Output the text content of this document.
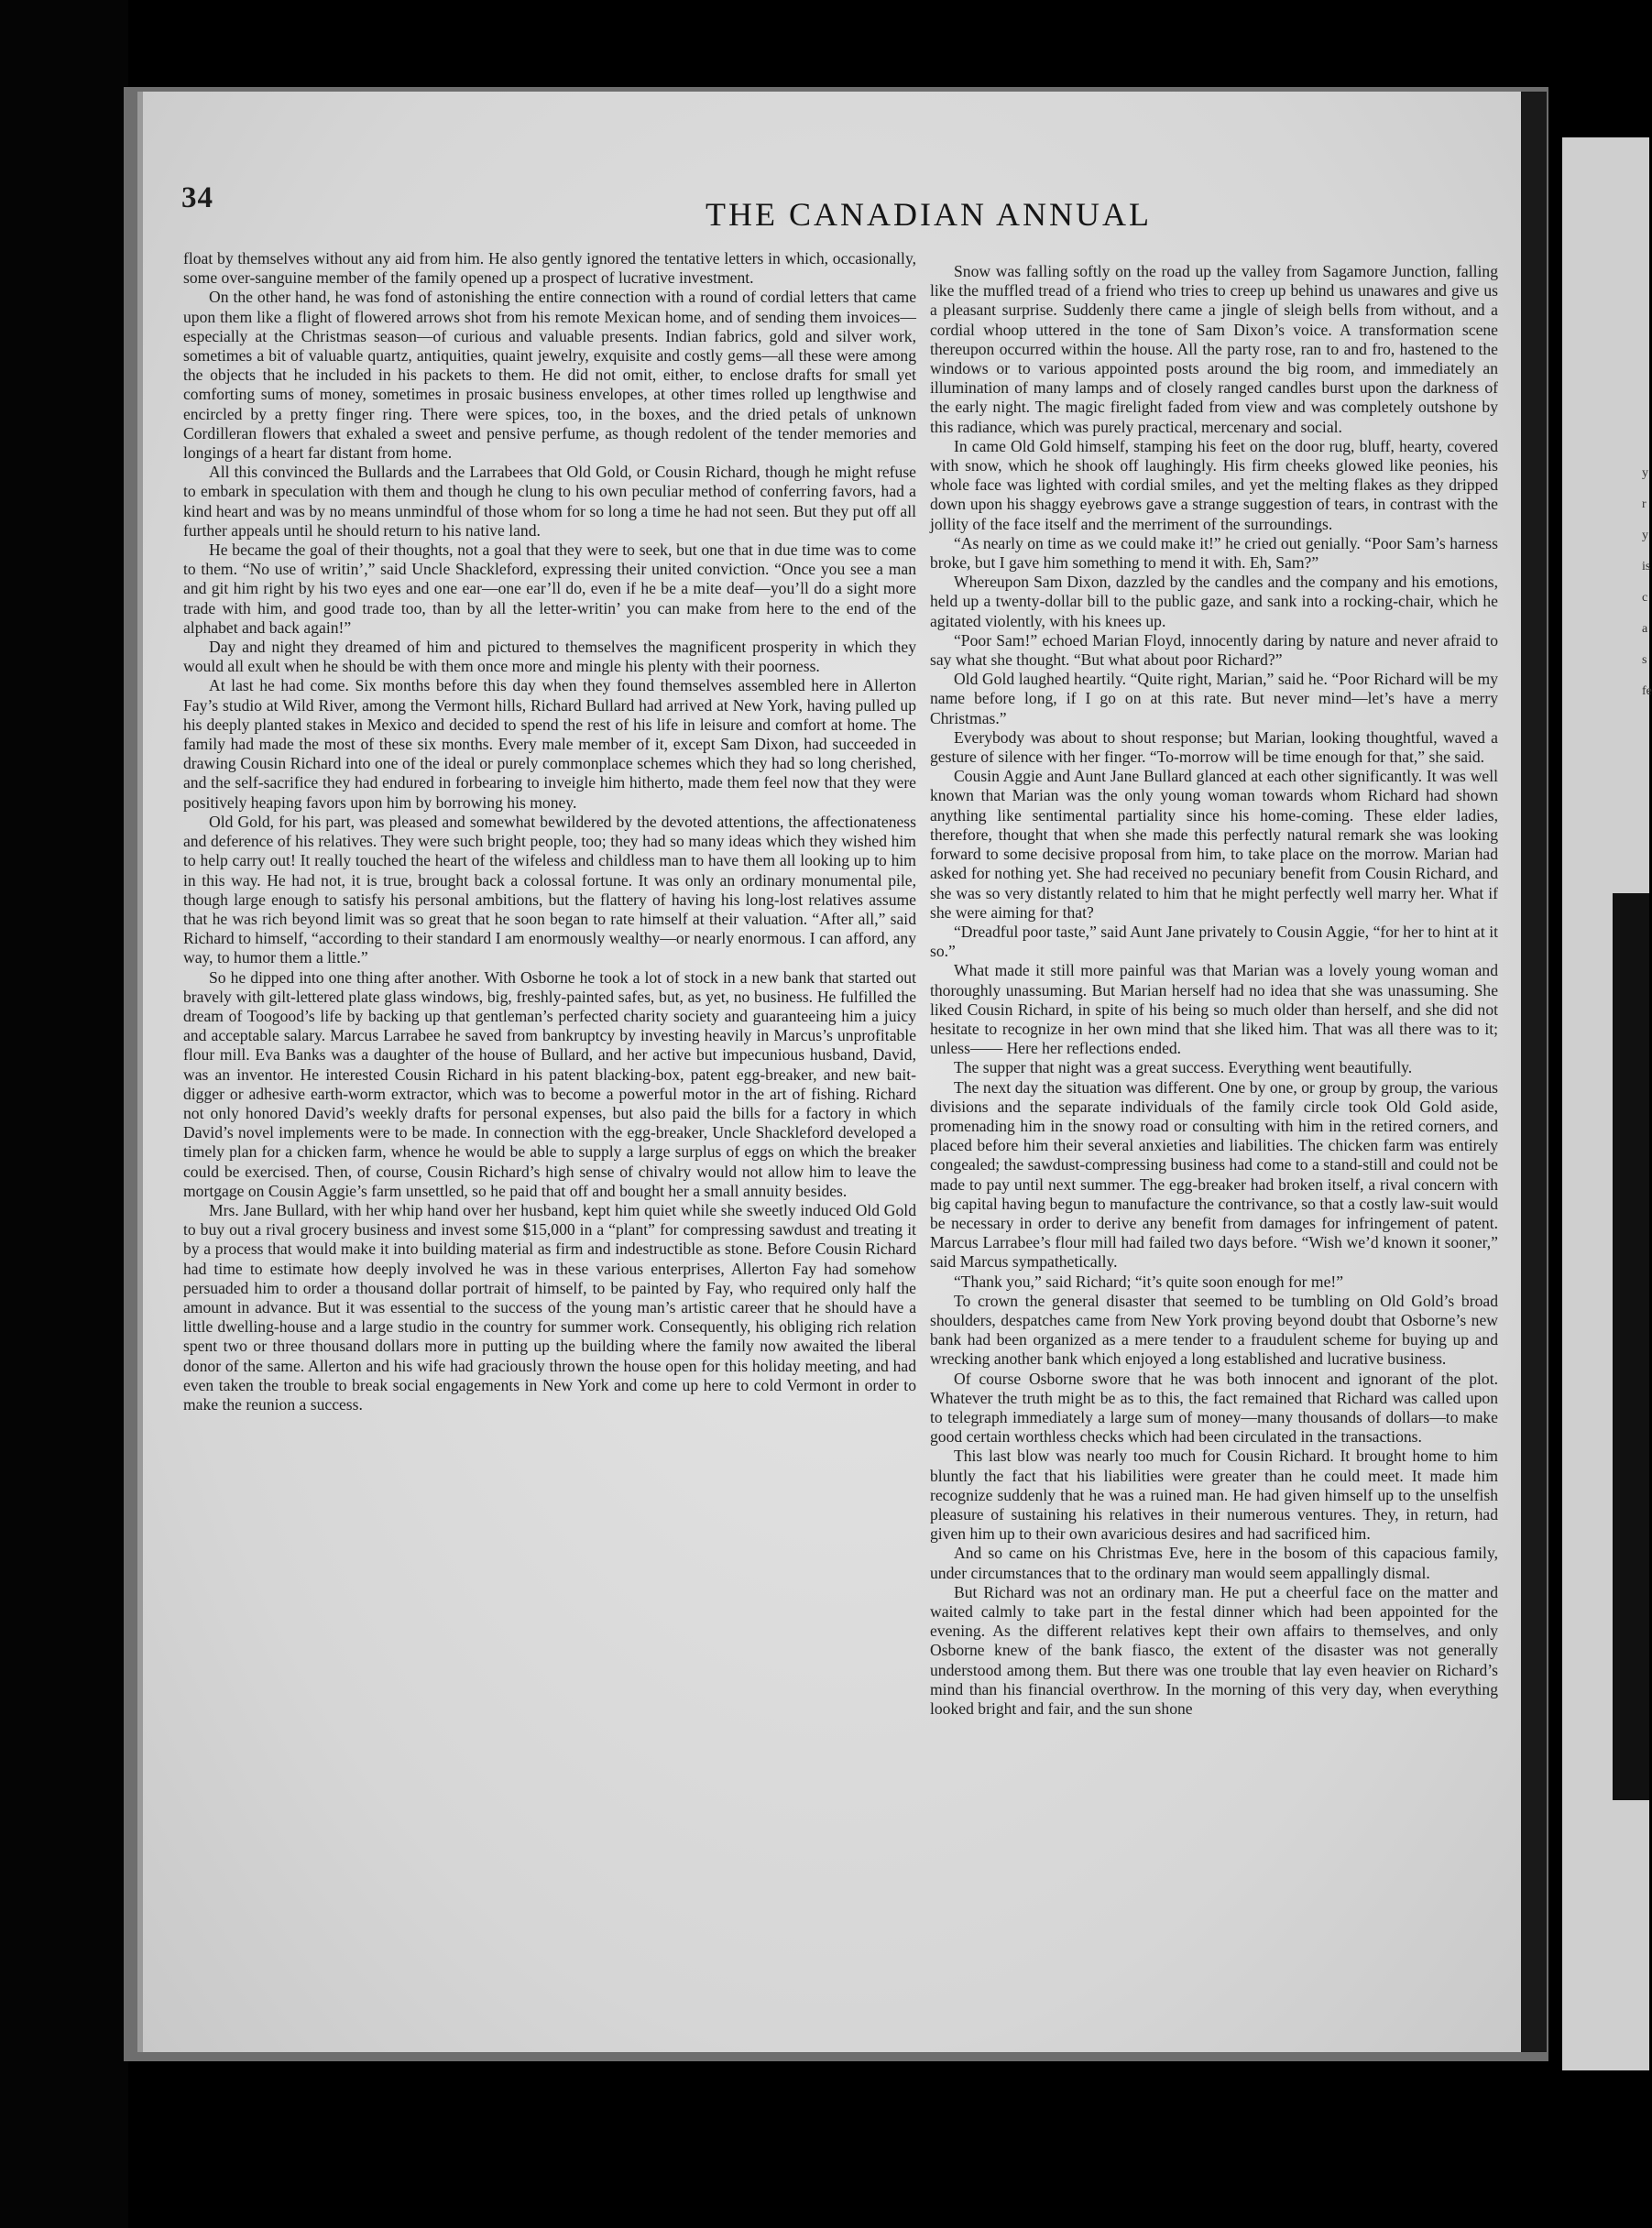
y
r
y
is
c
a
s
fe
34	THE CANADIAN ANNUAL

float by themselves without any aid from him. He also gently ignored the tentative letters in which, occasionally, some over-sanguine member of the family opened up a prospect of lucrative investment.

On the other hand, he was fond of astonishing the entire connection with a round of cordial letters that came upon them like a flight of flowered arrows shot from his remote Mexican home, and of sending them invoices—especially at the Christmas season—of curious and valuable presents. Indian fabrics, gold and silver work, sometimes a bit of valuable quartz, antiquities, quaint jewelry, exquisite and costly gems—all these were among the objects that he included in his packets to them. He did not omit, either, to enclose drafts for small yet comforting sums of money, sometimes in prosaic business envelopes, at other times rolled up lengthwise and encircled by a pretty finger ring. There were spices, too, in the boxes, and the dried petals of unknown Cordilleran flowers that exhaled a sweet and pensive perfume, as though redolent of the tender memories and longings of a heart far distant from home.

All this convinced the Bullards and the Larrabees that Old Gold, or Cousin Richard, though he might refuse to embark in speculation with them and though he clung to his own peculiar method of conferring favors, had a kind heart and was by no means unmindful of those whom for so long a time he had not seen. But they put off all further appeals until he should return to his native land.

He became the goal of their thoughts, not a goal that they were to seek, but one that in due time was to come to them. “No use of writin’,” said Uncle Shackleford, expressing their united conviction. “Once you see a man and git him right by his two eyes and one ear—one ear’ll do, even if he be a mite deaf—you’ll do a sight more trade with him, and good trade too, than by all the letter-writin’ you can make from here to the end of the alphabet and back again!”

Day and night they dreamed of him and pictured to themselves the magnificent prosperity in which they would all exult when he should be with them once more and mingle his plenty with their poorness.

At last he had come. Six months before this day when they found themselves assembled here in Allerton Fay’s studio at Wild River, among the Vermont hills, Richard Bullard had arrived at New York, having pulled up his deeply planted stakes in Mexico and decided to spend the rest of his life in leisure and comfort at home. The family had made the most of these six months. Every male member of it, except Sam Dixon, had succeeded in drawing Cousin Richard into one of the ideal or purely commonplace schemes which they had so long cherished, and the self-sacrifice they had endured in forbearing to inveigle him hitherto, made them feel now that they were positively heaping favors upon him by borrowing his money.

Old Gold, for his part, was pleased and somewhat bewildered by the devoted attentions, the affectionateness and deference of his relatives. They were such bright people, too; they had so many ideas which they wished him to help carry out! It really touched the heart of the wifeless and childless man to have them all looking up to him in this way. He had not, it is true, brought back a colossal fortune. It was only an ordinary monumental pile, though large enough to satisfy his personal ambitions, but the flattery of having his long-lost relatives assume that he was rich beyond limit was so great that he soon began to rate himself at their valuation. “After all,” said Richard to himself, “according to their standard I am enormously wealthy—or nearly enormous. I can afford, any way, to humor them a little.”

So he dipped into one thing after another. With Osborne he took a lot of stock in a new bank that started out bravely with gilt-lettered plate glass windows, big, freshly-painted safes, but, as yet, no business. He fulfilled the dream of Toogood’s life by backing up that gentleman’s perfected charity society and guaranteeing him a juicy and acceptable salary. Marcus Larrabee he saved from bankruptcy by investing heavily in Marcus’s unprofitable flour mill. Eva Banks was a daughter of the house of Bullard, and her active but impecunious husband, David, was an inventor. He interested Cousin Richard in his patent blacking-box, patent egg-breaker, and new bait-digger or adhesive earth-worm extractor, which was to become a powerful motor in the art of fishing. Richard not only honored David’s weekly drafts for personal expenses, but also paid the bills for a factory in which David’s novel implements were to be made. In connection with the egg-breaker, Uncle Shackleford developed a timely plan for a chicken farm, whence he would be able to supply a large surplus of eggs on which the breaker could be exercised. Then, of course, Cousin Richard’s high sense of chivalry would not allow him to leave the mortgage on Cousin Aggie’s farm unsettled, so he paid that off and bought her a small annuity besides.

Mrs. Jane Bullard, with her whip hand over her husband, kept him quiet while she sweetly induced Old Gold to buy out a rival grocery business and invest some $15,000 in a “plant” for compressing sawdust and treating it by a process that would make it into building material as firm and indestructible as stone. Before Cousin Richard had time to estimate how deeply involved he was in these various enterprises, Allerton Fay had somehow persuaded him to order a thousand dollar portrait of himself, to be painted by Fay, who required only half the amount in advance. But it was essential to the success of the young man’s artistic career that he should have a little dwelling-house and a large studio in the country for summer work. Consequently, his obliging rich relation spent two or three thousand dollars more in putting up the building where the family now awaited the liberal donor of the same. Allerton and his wife had graciously thrown the house open for this holiday meeting, and had even taken the trouble to break social engagements in New York and come up here to cold Vermont in order to make the reunion a success.

Snow was falling softly on the road up the valley from Sagamore Junction, falling like the muffled tread of a friend who tries to creep up behind us unawares and give us a pleasant surprise. Suddenly there came a jingle of sleigh bells from without, and a cordial whoop uttered in the tone of Sam Dixon’s voice. A transformation scene thereupon occurred within the house. All the party rose, ran to and fro, hastened to the windows or to various appointed posts around the big room, and immediately an illumination of many lamps and of closely ranged candles burst upon the darkness of the early night. The magic firelight faded from view and was completely outshone by this radiance, which was purely practical, mercenary and social.

In came Old Gold himself, stamping his feet on the door rug, bluff, hearty, covered with snow, which he shook off laughingly. His firm cheeks glowed like peonies, his whole face was lighted with cordial smiles, and yet the melting flakes as they dripped down upon his shaggy eyebrows gave a strange suggestion of tears, in contrast with the jollity of the face itself and the merriment of the surroundings.

“As nearly on time as we could make it!” he cried out genially. “Poor Sam’s harness broke, but I gave him something to mend it with. Eh, Sam?”

Whereupon Sam Dixon, dazzled by the candles and the company and his emotions, held up a twenty-dollar bill to the public gaze, and sank into a rocking-chair, which he agitated violently, with his knees up.

“Poor Sam!” echoed Marian Floyd, innocently daring by nature and never afraid to say what she thought. “But what about poor Richard?”

Old Gold laughed heartily. “Quite right, Marian,” said he. “Poor Richard will be my name before long, if I go on at this rate. But never mind—let’s have a merry Christmas.”

Everybody was about to shout response; but Marian, looking thoughtful, waved a gesture of silence with her finger. “To-morrow will be time enough for that,” she said.

Cousin Aggie and Aunt Jane Bullard glanced at each other significantly. It was well known that Marian was the only young woman towards whom Richard had shown anything like sentimental partiality since his home-coming. These elder ladies, therefore, thought that when she made this perfectly natural remark she was looking forward to some decisive proposal from him, to take place on the morrow. Marian had asked for nothing yet. She had received no pecuniary benefit from Cousin Richard, and she was so very distantly related to him that he might perfectly well marry her. What if she were aiming for that?

“Dreadful poor taste,” said Aunt Jane privately to Cousin Aggie, “for her to hint at it so.”

What made it still more painful was that Marian was a lovely young woman and thoroughly unassuming. But Marian herself had no idea that she was unassuming. She liked Cousin Richard, in spite of his being so much older than herself, and she did not hesitate to recognize in her own mind that she liked him. That was all there was to it; unless—— Here her reflections ended.

The supper that night was a great success. Everything went beautifully.

The next day the situation was different. One by one, or group by group, the various divisions and the separate individuals of the family circle took Old Gold aside, promenading him in the snowy road or consulting with him in the retired corners, and placed before him their several anxieties and liabilities. The chicken farm was entirely congealed; the sawdust-compressing business had come to a stand-still and could not be made to pay until next summer. The egg-breaker had broken itself, a rival concern with big capital having begun to manufacture the contrivance, so that a costly law-suit would be necessary in order to derive any benefit from damages for infringement of patent. Marcus Larrabee’s flour mill had failed two days before. “Wish we’d known it sooner,” said Marcus sympathetically.

“Thank you,” said Richard; “it’s quite soon enough for me!”

To crown the general disaster that seemed to be tumbling on Old Gold’s broad shoulders, despatches came from New York proving beyond doubt that Osborne’s new bank had been organized as a mere tender to a fraudulent scheme for buying up and wrecking another bank which enjoyed a long established and lucrative business.

Of course Osborne swore that he was both innocent and ignorant of the plot. Whatever the truth might be as to this, the fact remained that Richard was called upon to telegraph immediately a large sum of money—many thousands of dollars—to make good certain worthless checks which had been circulated in the transactions.

This last blow was nearly too much for Cousin Richard. It brought home to him bluntly the fact that his liabilities were greater than he could meet. It made him recognize suddenly that he was a ruined man. He had given himself up to the unselfish pleasure of sustaining his relatives in their numerous ventures. They, in return, had given him up to their own avaricious desires and had sacrificed him.

And so came on his Christmas Eve, here in the bosom of this capacious family, under circumstances that to the ordinary man would seem appallingly dismal.

But Richard was not an ordinary man. He put a cheerful face on the matter and waited calmly to take part in the festal dinner which had been appointed for the evening. As the different relatives kept their own affairs to themselves, and only Osborne knew of the bank fiasco, the extent of the disaster was not generally understood among them. But there was one trouble that lay even heavier on Richard’s mind than his financial overthrow. In the morning of this very day, when everything looked bright and fair, and the sun shone
